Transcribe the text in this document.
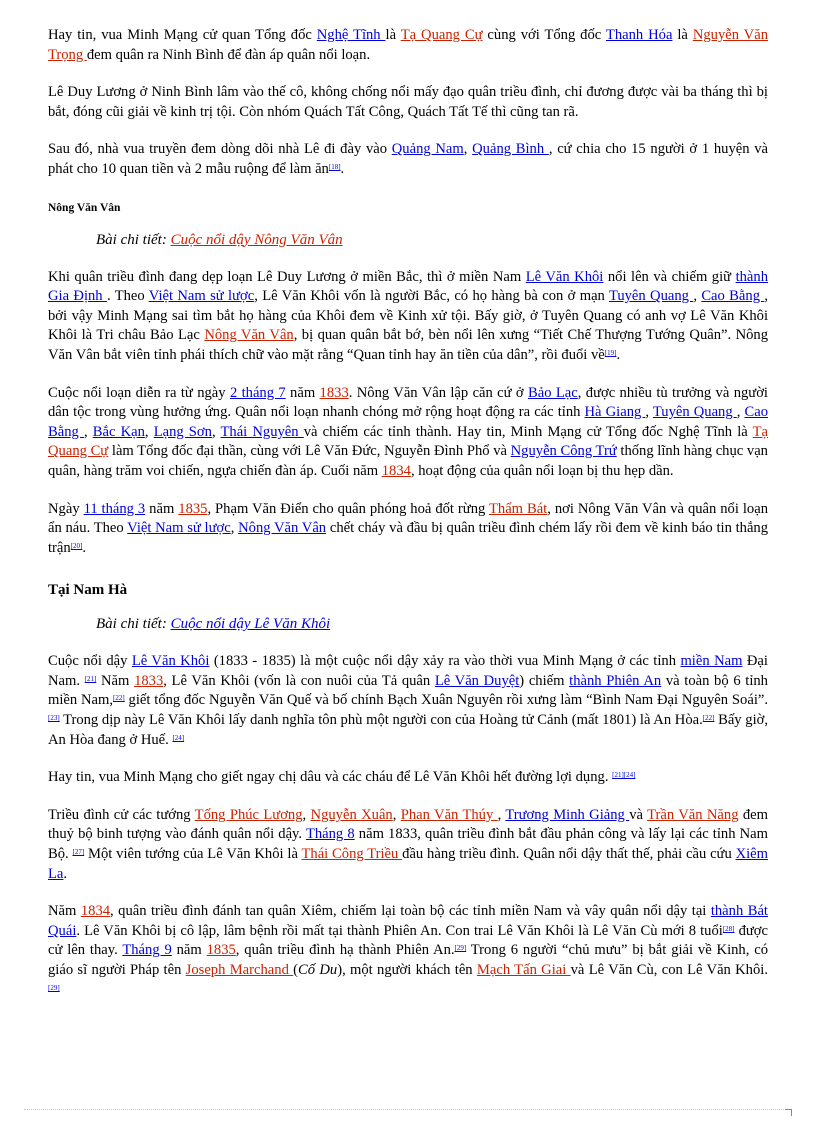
Hay tin, vua Minh Mạng cử quan Tổng đốc Nghệ Tĩnh là Tạ Quang Cự cùng với Tổng đốc Thanh Hóa là Nguyễn Văn Trọng đem quân ra Ninh Bình để đàn áp quân nổi loạn.

Lê Duy Lương ở Ninh Bình lâm vào thế cô, không chống nổi mấy đạo quân triều đình, chỉ đương được vài ba tháng thì bị bắt, đóng cũi giải về kinh trị tội. Còn nhóm Quách Tất Công, Quách Tất Tế thì cũng tan rã.

Sau đó, nhà vua truyền đem dòng dõi nhà Lê đi đày vào Quảng Nam, Quảng Bình , cứ chia cho 15 người ở 1 huyện và phát cho 10 quan tiền và 2 mẫu ruộng để làm ăn[18].

Nông Văn Vân
Bài chi tiết: Cuộc nổi dậy Nông Văn Vân

Khi quân triều đình đang dẹp loạn Lê Duy Lương ở miền Bắc, thì ở miền Nam Lê Văn Khôi nổi lên và chiếm giữ thành Gia Định . Theo Việt Nam sử lược, Lê Văn Khôi vốn là người Bắc, có họ hàng bà con ở mạn Tuyên Quang , Cao Bằng , bởi vậy Minh Mạng sai tìm bắt họ hàng của Khôi đem về Kinh xử tội. Bấy giờ, ở Tuyên Quang có anh vợ Lê Văn Khôi Khôi là Tri châu Bảo Lạc Nông Văn Vân, bị quan quân bắt bớ, bèn nổi lên xưng “Tiết Chế Thượng Tướng Quân”. Nông Văn Vân bắt viên tỉnh phái thích chữ vào mặt rằng “Quan tỉnh hay ăn tiền của dân”, rồi đuổi về[19].

Cuộc nổi loạn diễn ra từ ngày 2 tháng 7 năm 1833. Nông Văn Vân lập căn cứ ở Bảo Lạc, được nhiều tù trưởng và người dân tộc trong vùng hưởng ứng. Quân nổi loạn nhanh chóng mở rộng hoạt động ra các tỉnh Hà Giang , Tuyên Quang , Cao Bằng , Bắc Kạn, Lạng Sơn, Thái Nguyên và chiếm các tỉnh thành. Hay tin, Minh Mạng cử Tổng đốc Nghệ Tĩnh là Tạ Quang Cự làm Tổng đốc đại thần, cùng với Lê Văn Đức, Nguyễn Đình Phổ và Nguyễn Công Trứ thống lĩnh hàng chục vạn quân, hàng trăm voi chiến, ngựa chiến đàn áp. Cuối năm 1834, hoạt động của quân nổi loạn bị thu hẹp dần.

Ngày 11 tháng 3 năm 1835, Phạm Văn Điển cho quân phóng hoả đốt rừng Thẩm Bát, nơi Nông Văn Vân và quân nổi loạn ẩn náu. Theo Việt Nam sử lược, Nông Văn Vân chết cháy và đầu bị quân triều đình chém lấy rồi đem về kinh báo tin thắng trận[20].

Tại Nam Hà
Bài chi tiết: Cuộc nổi dậy Lê Văn Khôi

Cuộc nổi dậy Lê Văn Khôi (1833 - 1835) là một cuộc nổi dậy xảy ra vào thời vua Minh Mạng ở các tỉnh miền Nam Đại Nam. [21] Năm 1833, Lê Văn Khôi (vốn là con nuôi của Tả quân Lê Văn Duyệt) chiếm thành Phiên An và toàn bộ 6 tỉnh miền Nam,[22] giết tổng đốc Nguyễn Văn Quế và bố chính Bạch Xuân Nguyên rồi xưng làm “Bình Nam Đại Nguyên Soái”. [23] Trong dịp này Lê Văn Khôi lấy danh nghĩa tôn phù một người con của Hoàng tử Cảnh (mất 1801) là An Hòa.[22] Bấy giờ, An Hòa đang ở Huế. [24]

Hay tin, vua Minh Mạng cho giết ngay chị dâu và các cháu để Lê Văn Khôi hết đường lợi dụng. [21][24]

Triều đình cử các tướng Tống Phúc Lương, Nguyễn Xuân, Phan Văn Thúy , Trương Minh Giảng và Trần Văn Năng đem thuỷ bộ binh tượng vào đánh quân nổi dậy. Tháng 8 năm 1833, quân triều đình bắt đầu phản công và lấy lại các tỉnh Nam Bộ. [27] Một viên tướng của Lê Văn Khôi là Thái Công Triều đầu hàng triều đình. Quân nổi dậy thất thế, phải cầu cứu Xiêm La.

Năm 1834, quân triều đình đánh tan quân Xiêm, chiếm lại toàn bộ các tỉnh miền Nam và vây quân nổi dậy tại thành Bát Quái. Lê Văn Khôi bị cô lập, lâm bệnh rồi mất tại thành Phiên An. Con trai Lê Văn Khôi là Lê Văn Cù mới 8 tuổi[28] được cử lên thay. Tháng 9 năm 1835, quân triều đình hạ thành Phiên An.[29] Trong 6 người “chủ mưu” bị bắt giải về Kinh, có giáo sĩ người Pháp tên Joseph Marchand (Cố Du), một người khách tên Mạch Tấn Giai và Lê Văn Cù, con Lê Văn Khôi. [29]
